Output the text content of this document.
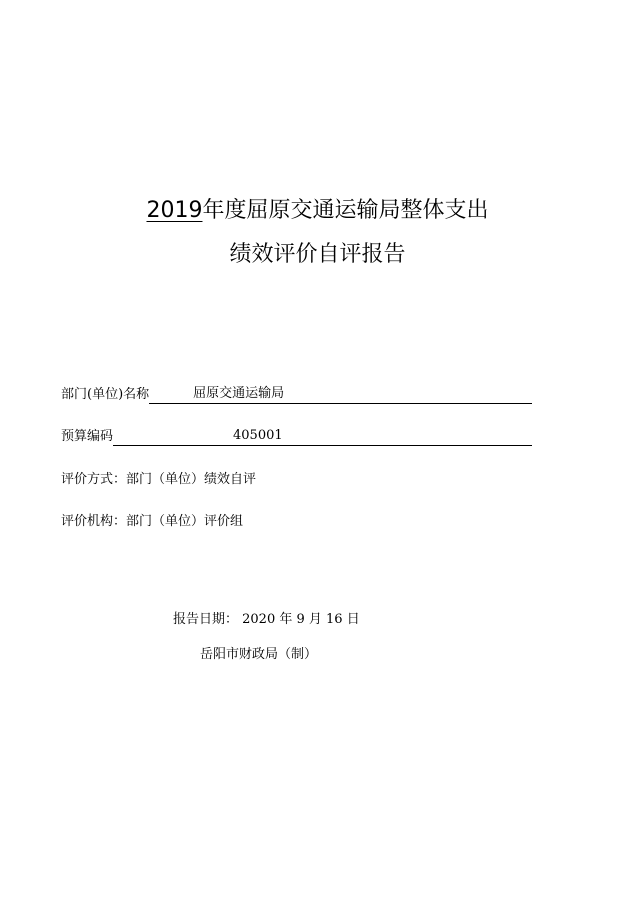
2019年度屈原交通运输局整体支出
绩效评价自评报告
部门(单位)名称	屈原交通运输局
预算编码	405001
评价方式：部门（单位）绩效自评
评价机构：部门（单位）评价组
报告日期： 2020 年 9 月 16 日
岳阳市财政局（制）
